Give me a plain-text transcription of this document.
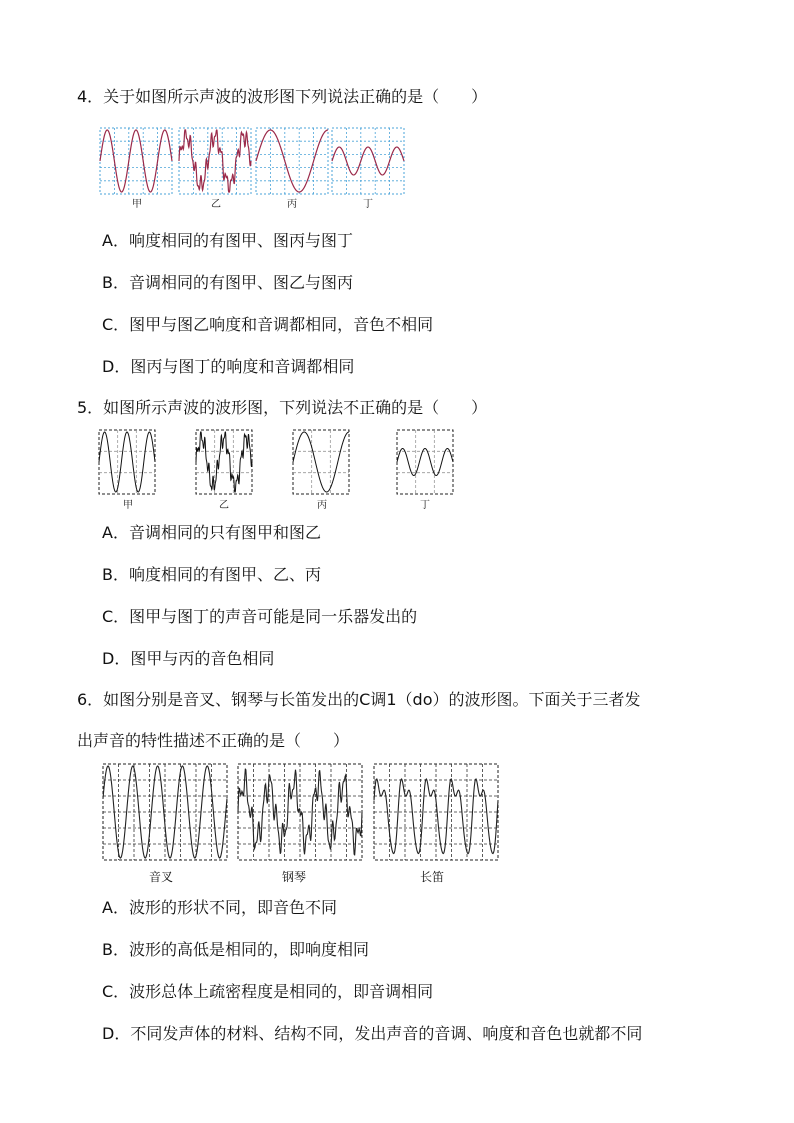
4．关于如图所示声波的波形图下列说法正确的是（　　）
甲	乙	丙	丁
A．响度相同的有图甲、图丙与图丁
B．音调相同的有图甲、图乙与图丙
C．图甲与图乙响度和音调都相同，音色不相同
D．图丙与图丁的响度和音调都相同
5．如图所示声波的波形图，下列说法不正确的是（　　）
甲	乙	丙	丁
A．音调相同的只有图甲和图乙
B．响度相同的有图甲、乙、丙
C．图甲与图丁的声音可能是同一乐器发出的
D．图甲与丙的音色相同
6．如图分别是音叉、钢琴与长笛发出的C调1（do）的波形图。下面关于三者发
出声音的特性描述不正确的是（　　）
音叉	钢琴	长笛
A．波形的形状不同，即音色不同
B．波形的高低是相同的，即响度相同
C．波形总体上疏密程度是相同的，即音调相同
D．不同发声体的材料、结构不同，发出声音的音调、响度和音色也就都不同
